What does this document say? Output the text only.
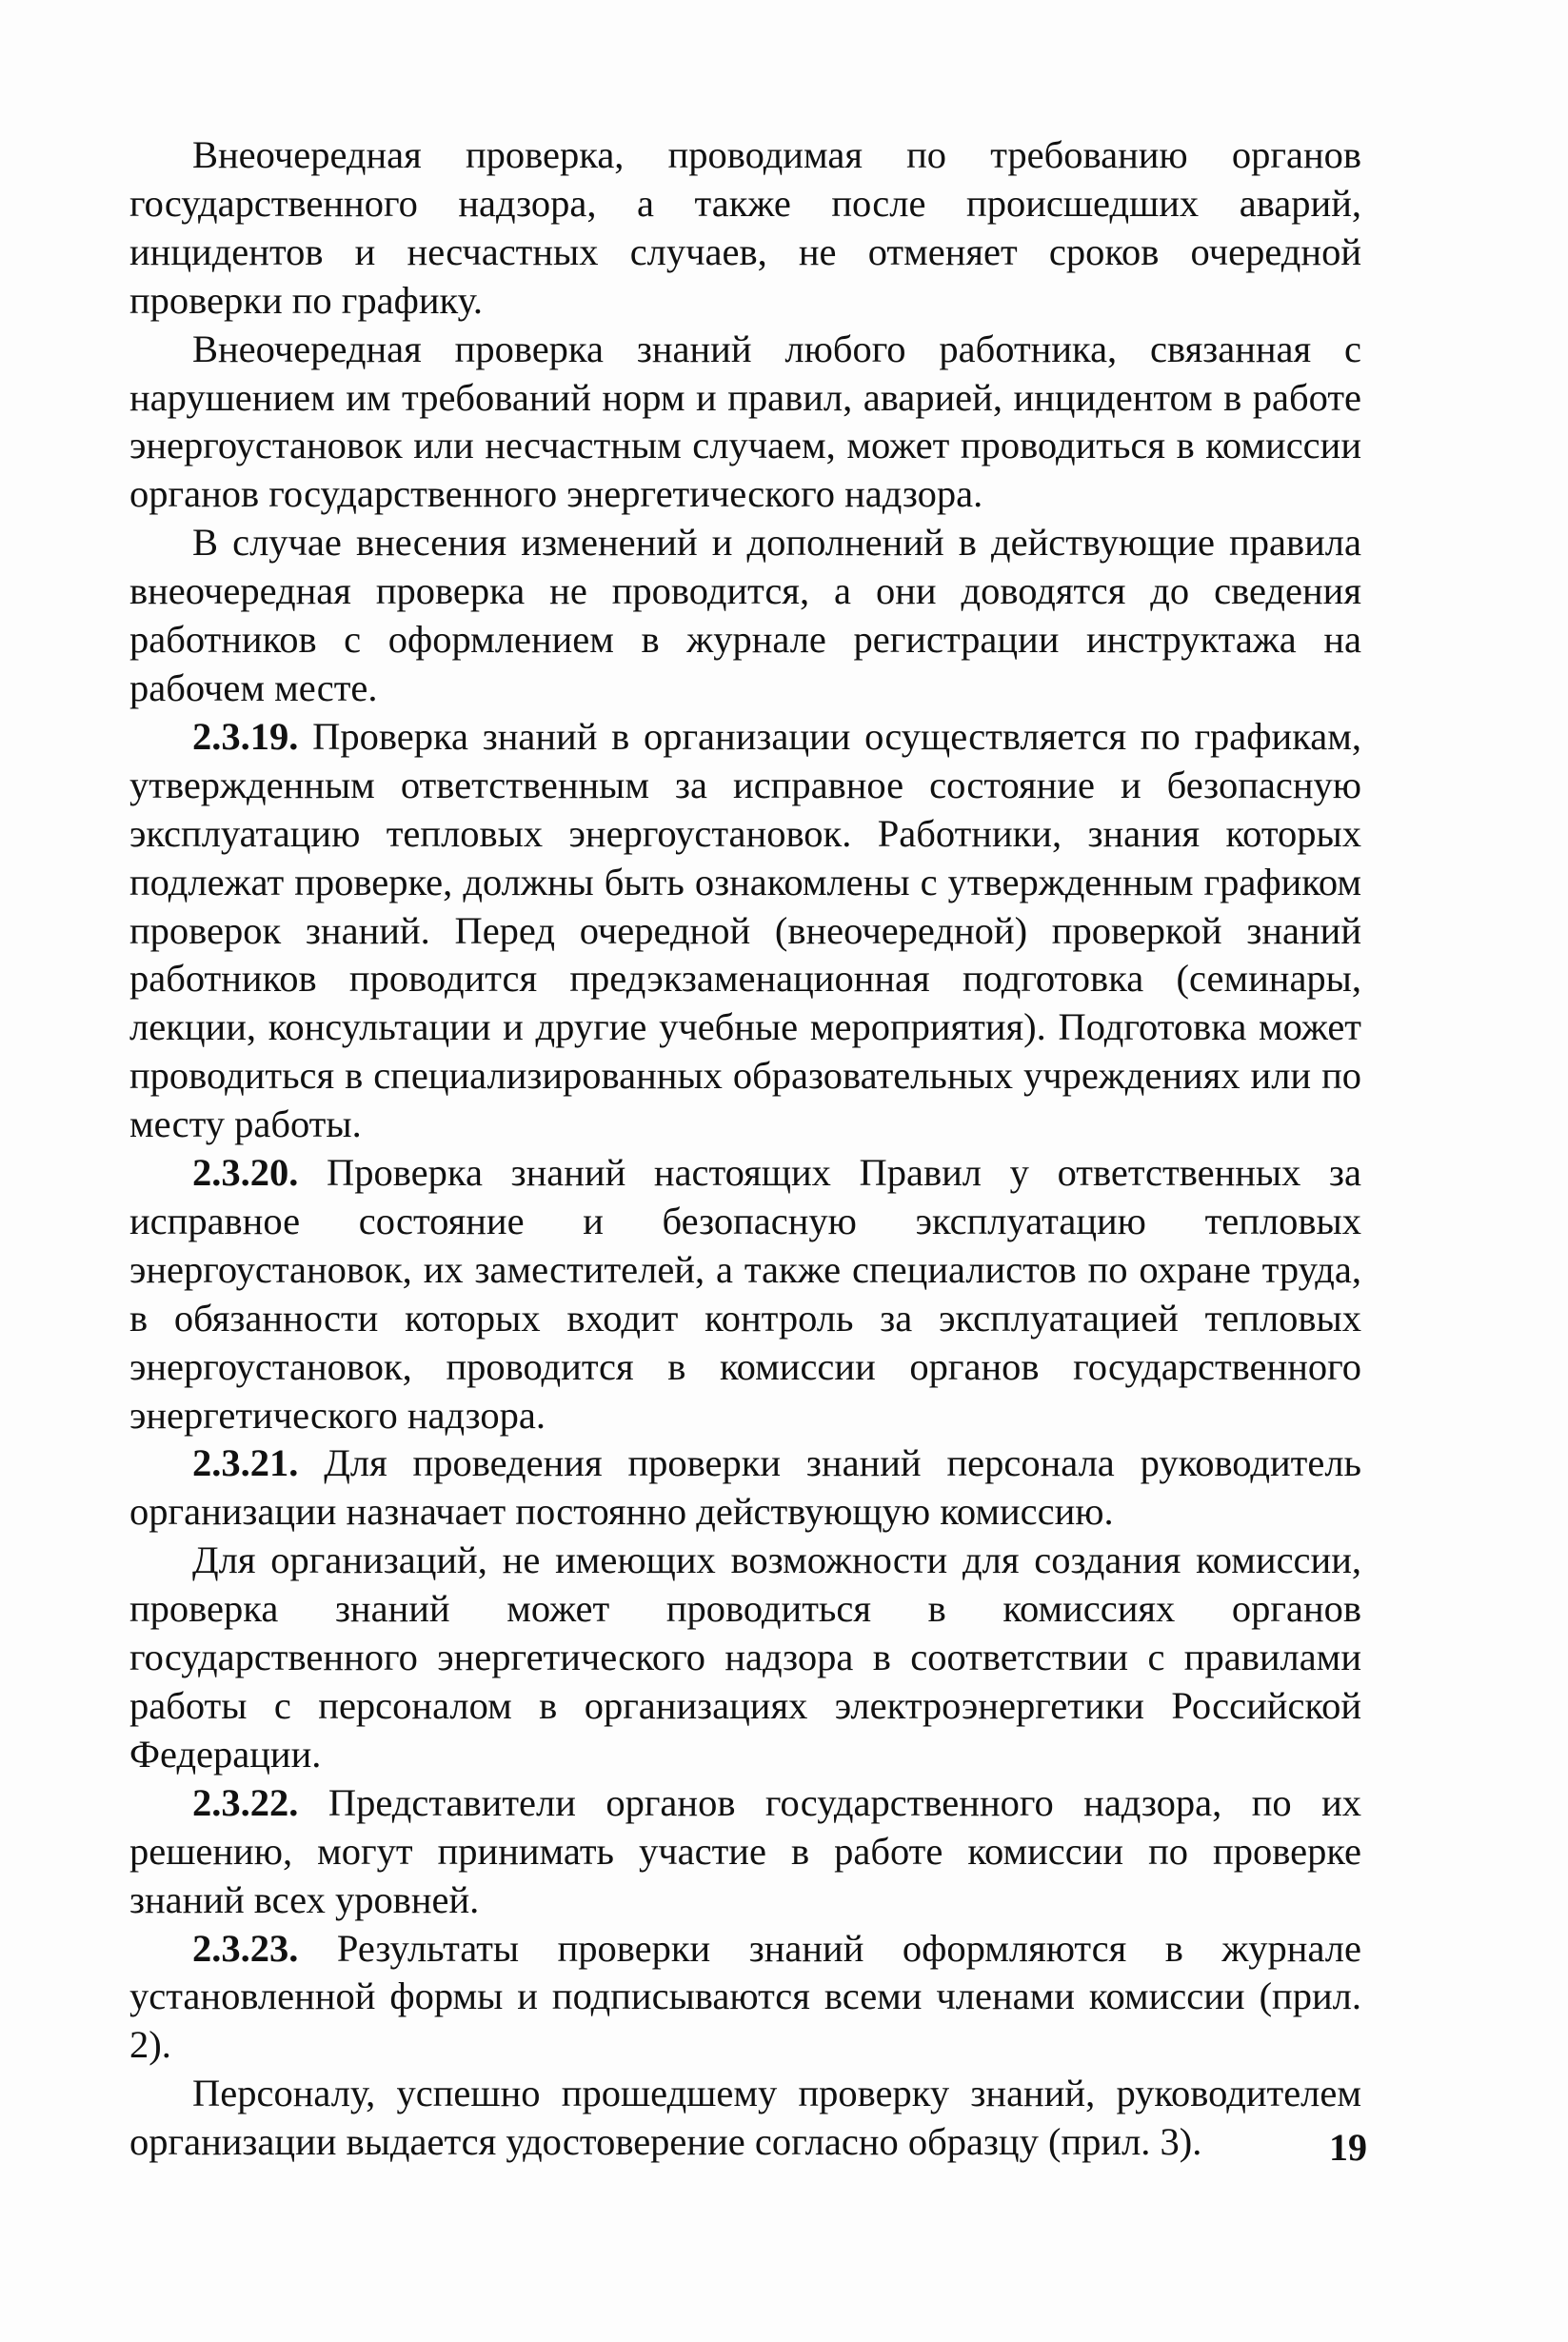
Внеочередная проверка, проводимая по требованию органов государственного надзора, а также после происшедших аварий, инцидентов и несчастных случаев, не отменяет сроков очередной проверки по графику.

Внеочередная проверка знаний любого работника, связанная с нарушением им требований норм и правил, аварией, инцидентом в работе энергоустановок или несчастным случаем, может проводиться в комиссии органов государственного энергетического надзора.

В случае внесения изменений и дополнений в действующие правила внеочередная проверка не проводится, а они доводятся до сведения работников с оформлением в журнале регистрации инструктажа на рабочем месте.

2.3.19. Проверка знаний в организации осуществляется по графикам, утвержденным ответственным за исправное состояние и безопасную эксплуатацию тепловых энергоустановок. Работники, знания которых подлежат проверке, должны быть ознакомлены с утвержденным графиком проверок знаний. Перед очередной (внеочередной) проверкой знаний работников проводится предэкзаменационная подготовка (семинары, лекции, консультации и другие учебные мероприятия). Подготовка может проводиться в специализированных образовательных учреждениях или по месту работы.

2.3.20. Проверка знаний настоящих Правил у ответственных за исправное состояние и безопасную эксплуатацию тепловых энергоустановок, их заместителей, а также специалистов по охране труда, в обязанности которых входит контроль за эксплуатацией тепловых энергоустановок, проводится в комиссии органов государственного энергетического надзора.

2.3.21. Для проведения проверки знаний персонала руководитель организации назначает постоянно действующую комиссию.

Для организаций, не имеющих возможности для создания комиссии, проверка знаний может проводиться в комиссиях органов государственного энергетического надзора в соответствии с правилами работы с персоналом в организациях электроэнергетики Российской Федерации.

2.3.22. Представители органов государственного надзора, по их решению, могут принимать участие в работе комиссии по проверке знаний всех уровней.

2.3.23. Результаты проверки знаний оформляются в журнале установленной формы и подписываются всеми членами комиссии (прил. 2).

Персоналу, успешно прошедшему проверку знаний, руководителем организации выдается удостоверение согласно образцу (прил. 3).	19
